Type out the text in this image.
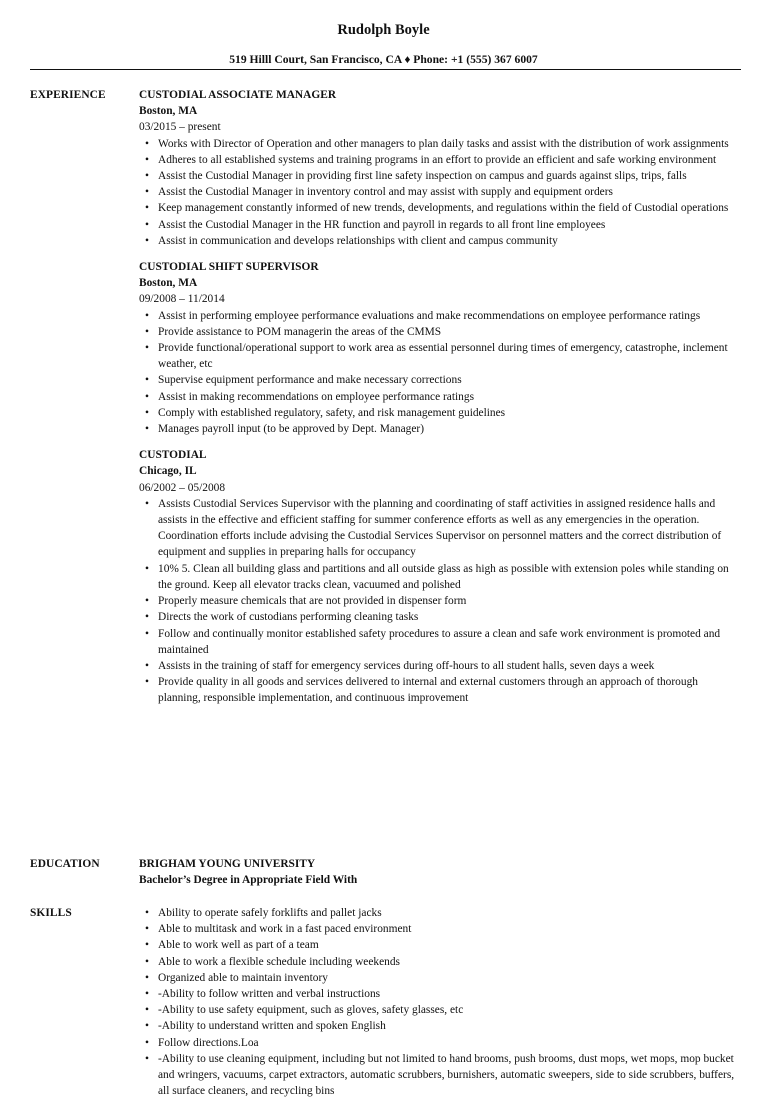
Rudolph Boyle
519 Hilll Court, San Francisco, CA ♦ Phone: +1 (555) 367 6007
EXPERIENCE	CUSTODIAL ASSOCIATE MANAGER
Boston, MA
03/2015 – present
• Works with Director of Operation and other managers to plan daily tasks and assist with the distribution of work assignments
• Adheres to all established systems and training programs in an effort to provide an efficient and safe working environment
• Assist the Custodial Manager in providing first line safety inspection on campus and guards against slips, trips, falls
• Assist the Custodial Manager in inventory control and may assist with supply and equipment orders
• Keep management constantly informed of new trends, developments, and regulations within the field of Custodial operations
• Assist the Custodial Manager in the HR function and payroll in regards to all front line employees
• Assist in communication and develops relationships with client and campus community
CUSTODIAL SHIFT SUPERVISOR
Boston, MA
09/2008 – 11/2014
• Assist in performing employee performance evaluations and make recommendations on employee performance ratings
• Provide assistance to POM managerin the areas of the CMMS
• Provide functional/operational support to work area as essential personnel during times of emergency, catastrophe, inclement weather, etc
• Supervise equipment performance and make necessary corrections
• Assist in making recommendations on employee performance ratings
• Comply with established regulatory, safety, and risk management guidelines
• Manages payroll input (to be approved by Dept. Manager)
CUSTODIAL
Chicago, IL
06/2002 – 05/2008
• Assists Custodial Services Supervisor with the planning and coordinating of staff activities in assigned residence halls and assists in the effective and efficient staffing for summer conference efforts as well as any emergencies in the operation. Coordination efforts include advising the Custodial Services Supervisor on personnel matters and the correct distribution of equipment and supplies in preparing halls for occupancy
• 10% 5. Clean all building glass and partitions and all outside glass as high as possible with extension poles while standing on the ground. Keep all elevator tracks clean, vacuumed and polished
• Properly measure chemicals that are not provided in dispenser form
• Directs the work of custodians performing cleaning tasks
• Follow and continually monitor established safety procedures to assure a clean and safe work environment is promoted and maintained
• Assists in the training of staff for emergency services during off-hours to all student halls, seven days a week
• Provide quality in all goods and services delivered to internal and external customers through an approach of thorough planning, responsible implementation, and continuous improvement
EDUCATION	BRIGHAM YOUNG UNIVERSITY
Bachelor’s Degree in Appropriate Field With
SKILLS	• Ability to operate safely forklifts and pallet jacks
• Able to multitask and work in a fast paced environment
• Able to work well as part of a team
• Able to work a flexible schedule including weekends
• Organized able to maintain inventory
• -Ability to follow written and verbal instructions
• -Ability to use safety equipment, such as gloves, safety glasses, etc
• -Ability to understand written and spoken English
• Follow directions.Loa
• -Ability to use cleaning equipment, including but not limited to hand brooms, push brooms, dust mops, wet mops, mop bucket and wringers, vacuums, carpet extractors, automatic scrubbers, burnishers, automatic sweepers, side to side scrubbers, buffers, all surface cleaners, and recycling bins
